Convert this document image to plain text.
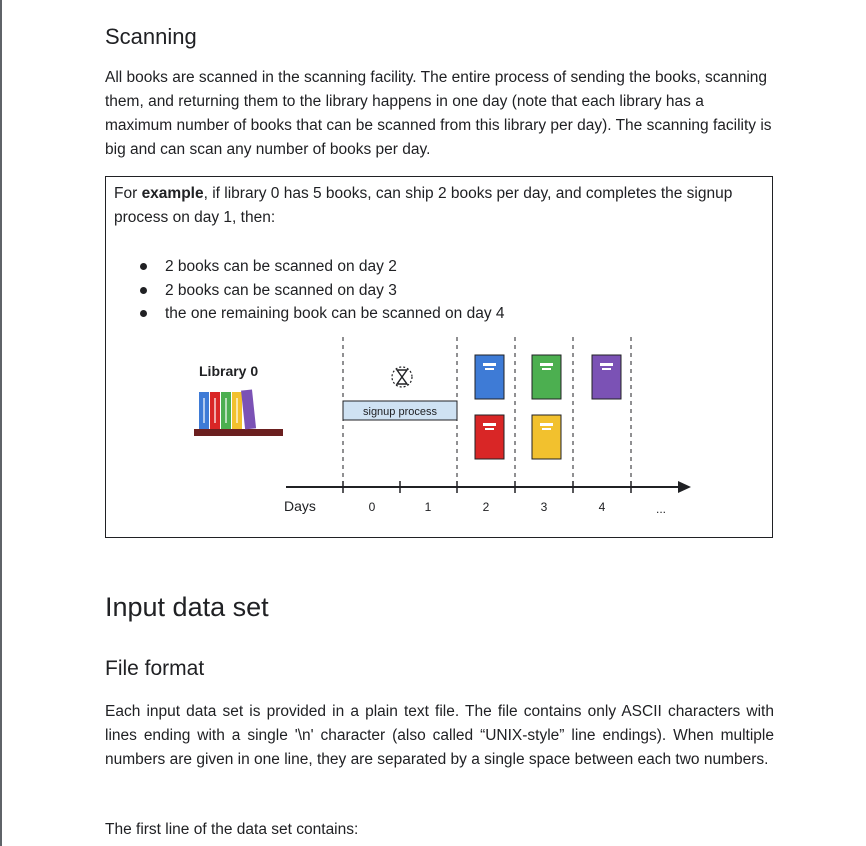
Scanning

All books are scanned in the scanning facility. The entire process of sending the books, scanning them, and returning them to the library happens in one day (note that each library has a maximum number of books that can be scanned from this library per day). The scanning facility is big and can scan any number of books per day.

For example, if library 0 has 5 books, can ship 2 books per day, and completes the signup process on day 1, then:

2 books can be scanned on day 2
2 books can be scanned on day 3
the one remaining book can be scanned on day 4
Library 0
signup process
Days	0	1	2	3	4	...
Input data set
File format

Each input data set is provided in a plain text file. The file contains only ASCII characters with lines ending with a single '\n' character (also called “UNIX-style” line endings). When multiple numbers are given in one line, they are separated by a single space between each two numbers.

The first line of the data set contains:
